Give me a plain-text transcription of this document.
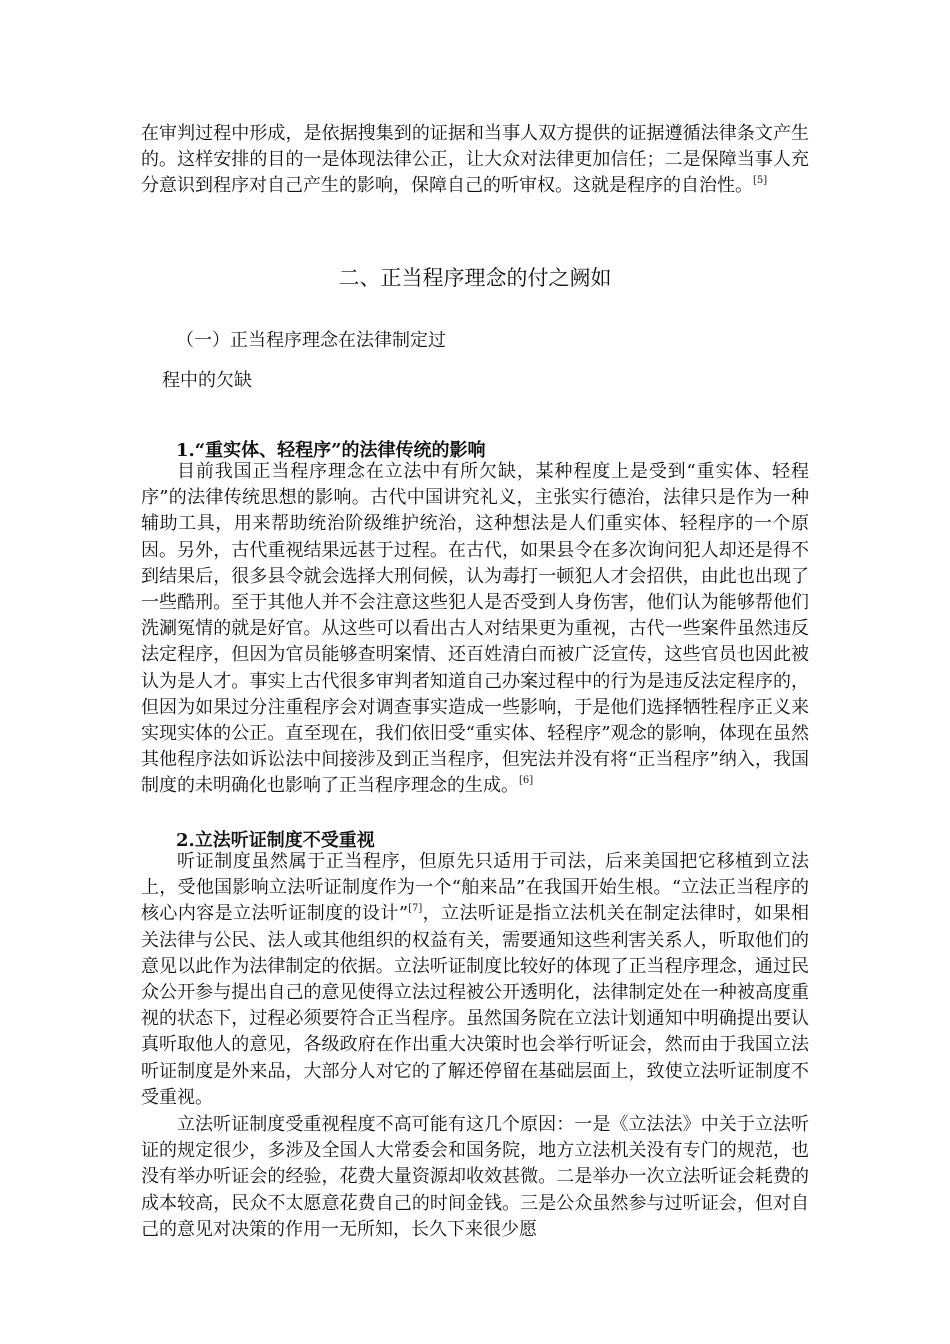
在审判过程中形成，是依据搜集到的证据和当事人双方提供的证据遵循法律条文产生的。这样安排的目的一是体现法律公正，让大众对法律更加信任；二是保障当事人充分意识到程序对自己产生的影响，保障自己的听审权。这就是程序的自治性。[5]

二、正当程序理念的付之阙如
（一）正当程序理念在法律制定过
程中的欠缺
1.“重实体、轻程序”的法律传统的影响

目前我国正当程序理念在立法中有所欠缺，某种程度上是受到“重实体、轻程序”的法律传统思想的影响。古代中国讲究礼义，主张实行德治，法律只是作为一种辅助工具，用来帮助统治阶级维护统治，这种想法是人们重实体、轻程序的一个原因。另外，古代重视结果远甚于过程。在古代，如果县令在多次询问犯人却还是得不到结果后，很多县令就会选择大刑伺候，认为毒打一顿犯人才会招供，由此也出现了一些酷刑。至于其他人并不会注意这些犯人是否受到人身伤害，他们认为能够帮他们洗涮冤情的就是好官。从这些可以看出古人对结果更为重视，古代一些案件虽然违反法定程序，但因为官员能够查明案情、还百姓清白而被广泛宣传，这些官员也因此被认为是人才。事实上古代很多审判者知道自己办案过程中的行为是违反法定程序的，但因为如果过分注重程序会对调查事实造成一些影响，于是他们选择牺牲程序正义来实现实体的公正。直至现在，我们依旧受“重实体、轻程序”观念的影响，体现在虽然其他程序法如诉讼法中间接涉及到正当程序，但宪法并没有将“正当程序”纳入，我国制度的未明确化也影响了正当程序理念的生成。[6]

2.立法听证制度不受重视

听证制度虽然属于正当程序，但原先只适用于司法，后来美国把它移植到立法上，受他国影响立法听证制度作为一个“舶来品”在我国开始生根。“立法正当程序的核心内容是立法听证制度的设计”[7]，立法听证是指立法机关在制定法律时，如果相关法律与公民、法人或其他组织的权益有关，需要通知这些利害关系人，听取他们的意见以此作为法律制定的依据。立法听证制度比较好的体现了正当程序理念，通过民众公开参与提出自己的意见使得立法过程被公开透明化，法律制定处在一种被高度重视的状态下，过程必须要符合正当程序。虽然国务院在立法计划通知中明确提出要认真听取他人的意见，各级政府在作出重大决策时也会举行听证会，然而由于我国立法听证制度是外来品，大部分人对它的了解还停留在基础层面上，致使立法听证制度不受重视。

立法听证制度受重视程度不高可能有这几个原因：一是《立法法》中关于立法听证的规定很少，多涉及全国人大常委会和国务院，地方立法机关没有专门的规范，也没有举办听证会的经验，花费大量资源却收效甚微。二是举办一次立法听证会耗费的成本较高，民众不太愿意花费自己的时间金钱。三是公众虽然参与过听证会，但对自己的意见对决策的作用一无所知，长久下来很少愿
